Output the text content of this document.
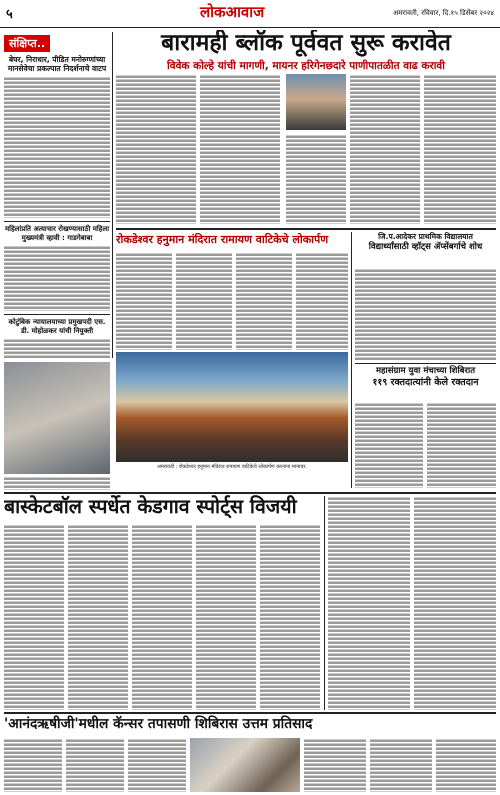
५	लोकआवाज	अमरावती, रविवार, दि.१५ डिसेंबर २०२४
संक्षिप्त..
बेघर, निराधार, पीडित मनोरुग्णांच्या मानसेवेचा प्रकल्पात निदर्शनाचे वाटप
महिलांप्रति अत्याचार रोखण्यासाठी महिला मुख्यमंत्री व्हावी : गाडगेबाबा
कोटुंबिक न्यायालयाच्या प्रमुखपदी एस. डी. मोहोळकर यांची नियुक्ती
बारामही ब्लॉक पूर्ववत सुरू करावेत
विवेक कोल्हे यांची मागणी, मायनर हरिगेनछदारे पाणीपातळीत वाढ करावी
रोकडेश्वर हनुमान मंदिरात रामायण वाटिकेचे लोकार्पण
अमरावती : रोकडेश्वर हनुमान मंदिरात रामायण वाटिकेचे लोकार्पण करताना मान्यवर.
जि.प.आदेकर प्राथमिक विद्यालयात
विद्यार्थ्यांसाठी व्हॉट्स ॲप्सेंबर्गाचे शोध
महासंग्राम युवा मंचाच्या शिबिरात
११९ रक्तदात्यांनी केले रक्तदान
बास्केटबॉल स्पर्धेत केडगाव स्पोर्ट्स विजयी
'आनंदऋषीजी'मधील कॅन्सर तपासणी शिबिरास उत्तम प्रतिसाद
